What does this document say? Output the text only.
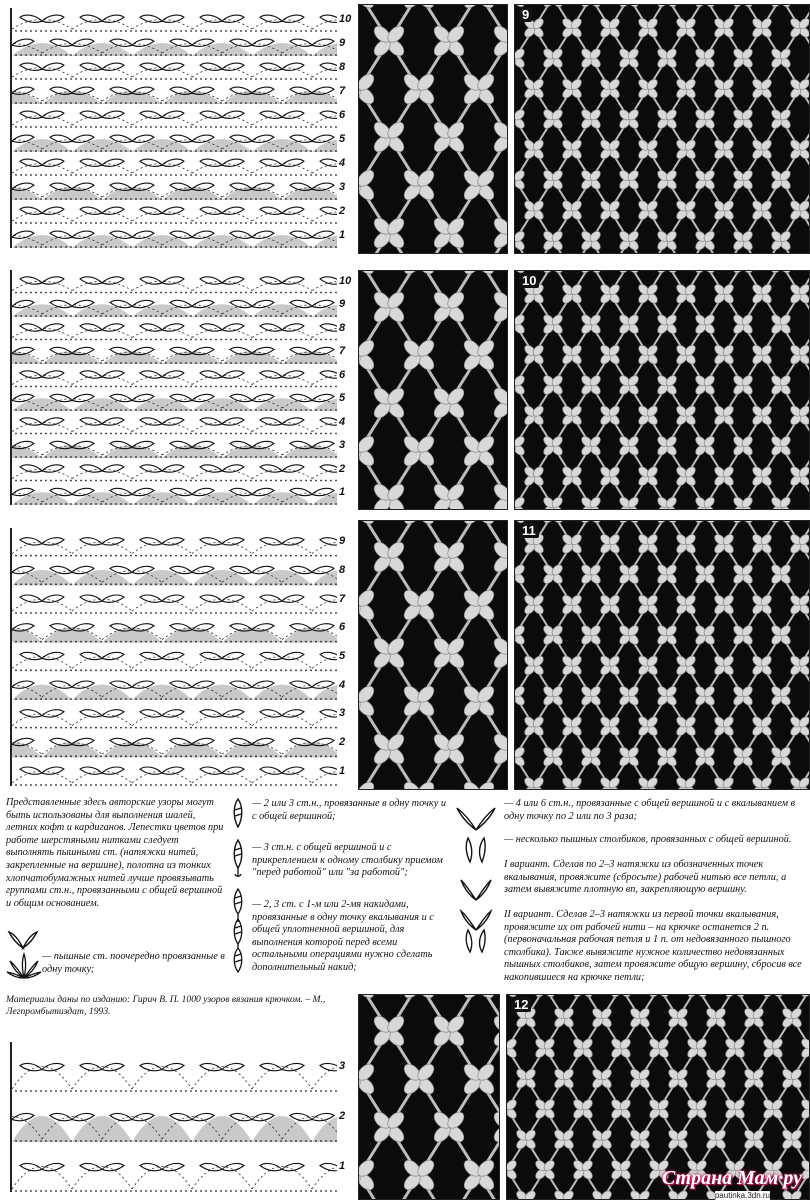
10
9
8
7
6
5
4
3
2
1
10
9
8
7
6
5
4
3
2
1
9
8
7
6
5
4
3
2
1
3
2
1
9
10
11
12
Представленные здесь авторские узоры могут быть использованы для выполнения шалей, летних кофт и кардиганов. Лепестки цветов при работе шерстяными нитками следует выполнять пышными ст. (натяжки нитей, закрепленные на вершине), полотна из тонких хлопчатобумажных нитей лучше провязывать группами ст.н., провязанными с общей вершиной и общим основанием.
— пышные ст. поочередно провязанные в одну точку;
— 2 или 3 ст.н., провязанные в одну точку и с общей вершиной;
— 3 ст.н. с общей вершиной и с прикреплением к одному столбику приемом "перед работой" или "за работой";
— 2, 3 ст. с 1-м или 2-мя накидами, провязанные в одну точку вкалывания и с общей уплотненной вершиной, для выполнения которой перед всеми остальными операциями нужно сделать дополнительный накид;
— 4 или 6 ст.н., провязанные с общей вершиной и с вкалыванием в одну точку по 2 или по 3 раза;
— несколько пышных столбиков, провязанных с общей вершиной.
I вариант. Сделав по 2–3 натяжки из обозначенных точек вкалывания, провяжите (сбросьте) рабочей нитью все петли, а затем вывяжите плотную вп, закрепляющую вершину.
II вариант. Сделав 2–3 натяжки из первой точки вкалывания, провяжите их от рабочей нити – на крючке останется 2 п. (первоначальная рабочая петля и 1 п. от недовязанного пышного столбика). Также вывяжите нужное количество недовязанных пышных столбиков, затем провяжите общую вершину, сбросив все накопившиеся на крючке петли;
Материалы даны по изданию: Гирич В. П. 1000 узоров вязания крючком. – М., Легпромбытиздат, 1993.
Страна Мам·ру
pautinka.3dn.ru
